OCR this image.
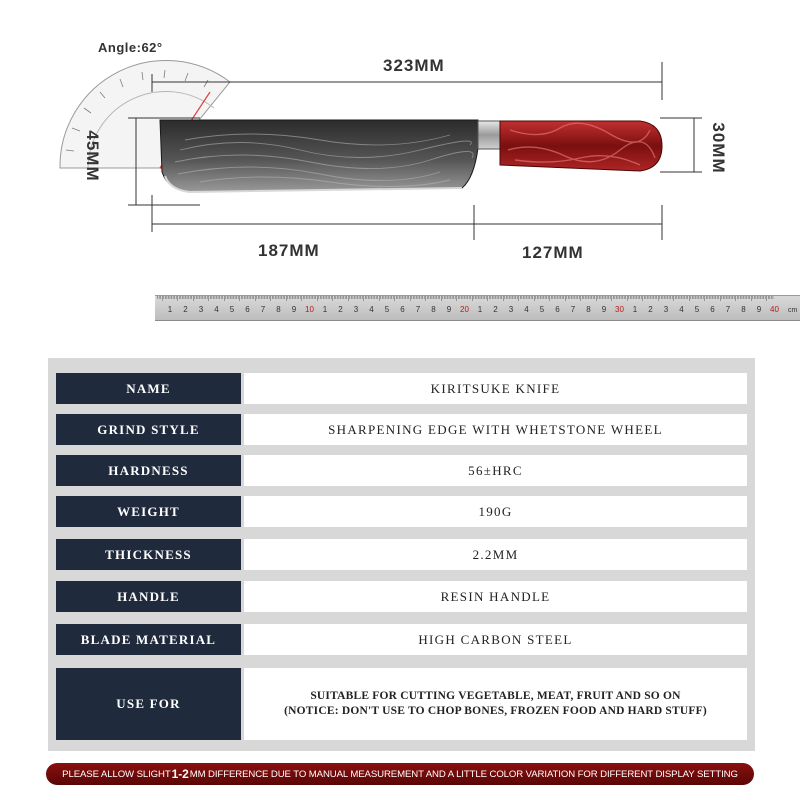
Angle:62°
323MM
187MM	127MM
45MM	30MM
1 2 3 4 5 6 7 8 9 10 1 2 3 4 5 6 7 8 9 20 1 2 3 4 5 6 7 8 9 30 1 2 3 4 5 6 7 8 9 40 cm
NAME	KIRITSUKE KNIFE
GRIND STYLE	SHARPENING EDGE WITH WHETSTONE WHEEL
HARDNESS	56±HRC
WEIGHT	190G
THICKNESS	2.2MM
HANDLE	RESIN HANDLE
BLADE MATERIAL	HIGH CARBON STEEL
USE FOR	SUITABLE FOR CUTTING VEGETABLE, MEAT, FRUIT AND SO ON
(NOTICE: DON'T USE TO CHOP BONES, FROZEN FOOD AND HARD STUFF)
PLEASE ALLOW SLIGHT 1-2 MM DIFFERENCE DUE TO MANUAL MEASUREMENT AND A LITTLE COLOR VARIATION FOR DIFFERENT DISPLAY SETTING
